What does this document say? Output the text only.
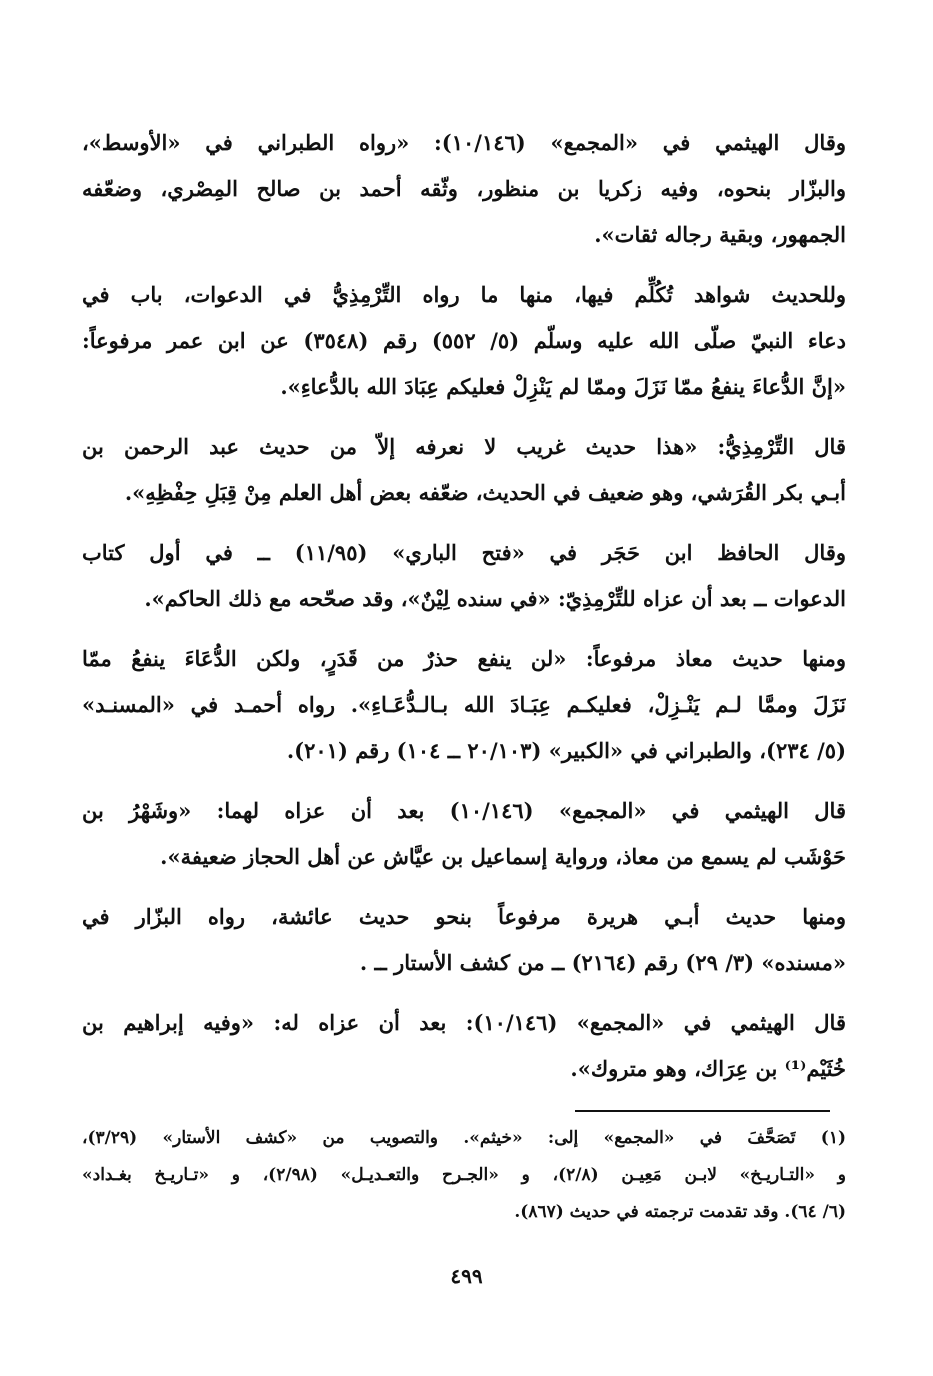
وقال الهيثمي في «المجمع» (١٠/١٤٦): «رواه الطبراني في «الأوسط»،
والبزّار بنحوه، وفيه زكريا بن منظور، وثّقه أحمد بن صالح المِصْري، وضعّفه
الجمهور، وبقية رجاله ثقات».
وللحديث شواهد تُكُلِّم فيها، منها ما رواه التِّرْمِذِيُّ في الدعوات، باب في
دعاء النبيّ صلّى الله عليه وسلّم (٥/ ٥٥٢) رقم (٣٥٤٨) عن ابن عمر مرفوعاً:
«إنَّ الدُّعاءَ ينفعُ ممّا نَزَلَ وممّا لم يَنْزِلْ فعليكم عِبَادَ الله بالدُّعاءِ».
قال التِّرْمِذِيُّ: «هذا حديث غريب لا نعرفه إلاّ من حديث عبد الرحمن بن
أبـي بكر القُرَشي، وهو ضعيف في الحديث، ضعّفه بعض أهل العلم مِنْ قِبَلِ حِفْظِهِ».
وقال الحافظ ابن حَجَر في «فتح الباري» (١١/٩٥) ــ في أول كتاب
الدعوات ــ بعد أن عزاه للتِّرْمِذِيّ: «في سنده لِيْنٌ»، وقد صحّحه مع ذلك الحاكم».
ومنها حديث معاذ مرفوعاً: «لن ينفع حذرٌ من قَدَرٍ، ولكن الدُّعَاءَ ينفعُ ممّا
نَزَلَ وممَّا لـم يَنْـزِلْ، فعليكـم عِبَـادَ الله بـالـدُّعَـاءِ». رواه أحمـد في «المسنـد»
(٥/ ٢٣٤)، والطبراني في «الكبير» (٢٠/١٠٣ ــ ١٠٤) رقم (٢٠١).
قال الهيثمي في «المجمع» (١٠/١٤٦) بعد أن عزاه لهما: «وشَهْرُ بن
حَوْشَب لم يسمع من معاذ، ورواية إسماعيل بن عيَّاش عن أهل الحجاز ضعيفة».
ومنها حديث أبـي هريرة مرفوعاً بنحو حديث عائشة، رواه البزّار في
«مسنده» (٣/ ٢٩) رقم (٢١٦٤) ــ من كشف الأستار ــ .
قال الهيثمي في «المجمع» (١٠/١٤٦): بعد أن عزاه له: «وفيه إبراهيم بن
خُثَيْم⁽¹⁾ بن عِرَاك، وهو متروك».
(١) تَصَحَّفَ في «المجمع» إلى: «خيثم». والتصويب من «كشف الأستار» (٣/٢٩)،
و «التـاريـخ» لابـن مَعِيـن (٢/٨)، و «الجـرح والتعـديـل» (٢/٩٨)، و «تـاريـخ بغـداد»
(٦/ ٦٤). وقد تقدمت ترجمته في حديث (٨٦٧).
٤٩٩
